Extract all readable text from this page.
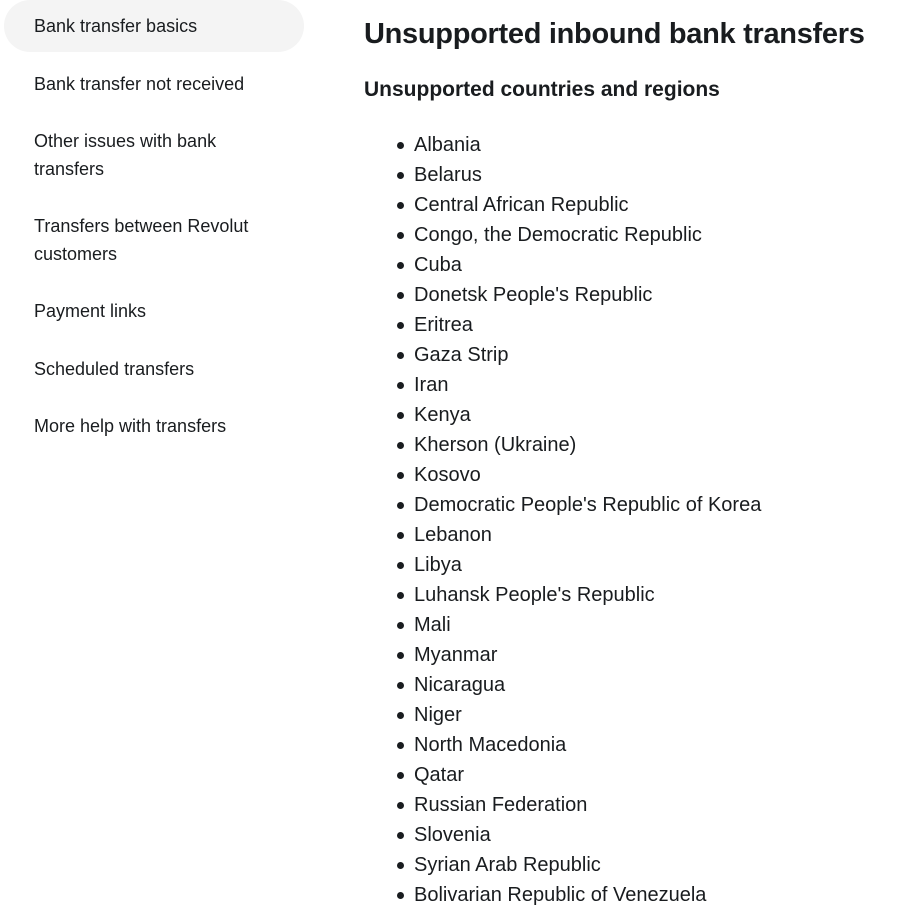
Bank transfer basics
Bank transfer not received
Other issues with bank transfers
Transfers between Revolut customers
Payment links
Scheduled transfers
More help with transfers
Unsupported inbound bank transfers
Unsupported countries and regions
Albania
Belarus
Central African Republic
Congo, the Democratic Republic
Cuba
Donetsk People's Republic
Eritrea
Gaza Strip
Iran
Kenya
Kherson (Ukraine)
Kosovo
Democratic People's Republic of Korea
Lebanon
Libya
Luhansk People's Republic
Mali
Myanmar
Nicaragua
Niger
North Macedonia
Qatar
Russian Federation
Slovenia
Syrian Arab Republic
Bolivarian Republic of Venezuela
